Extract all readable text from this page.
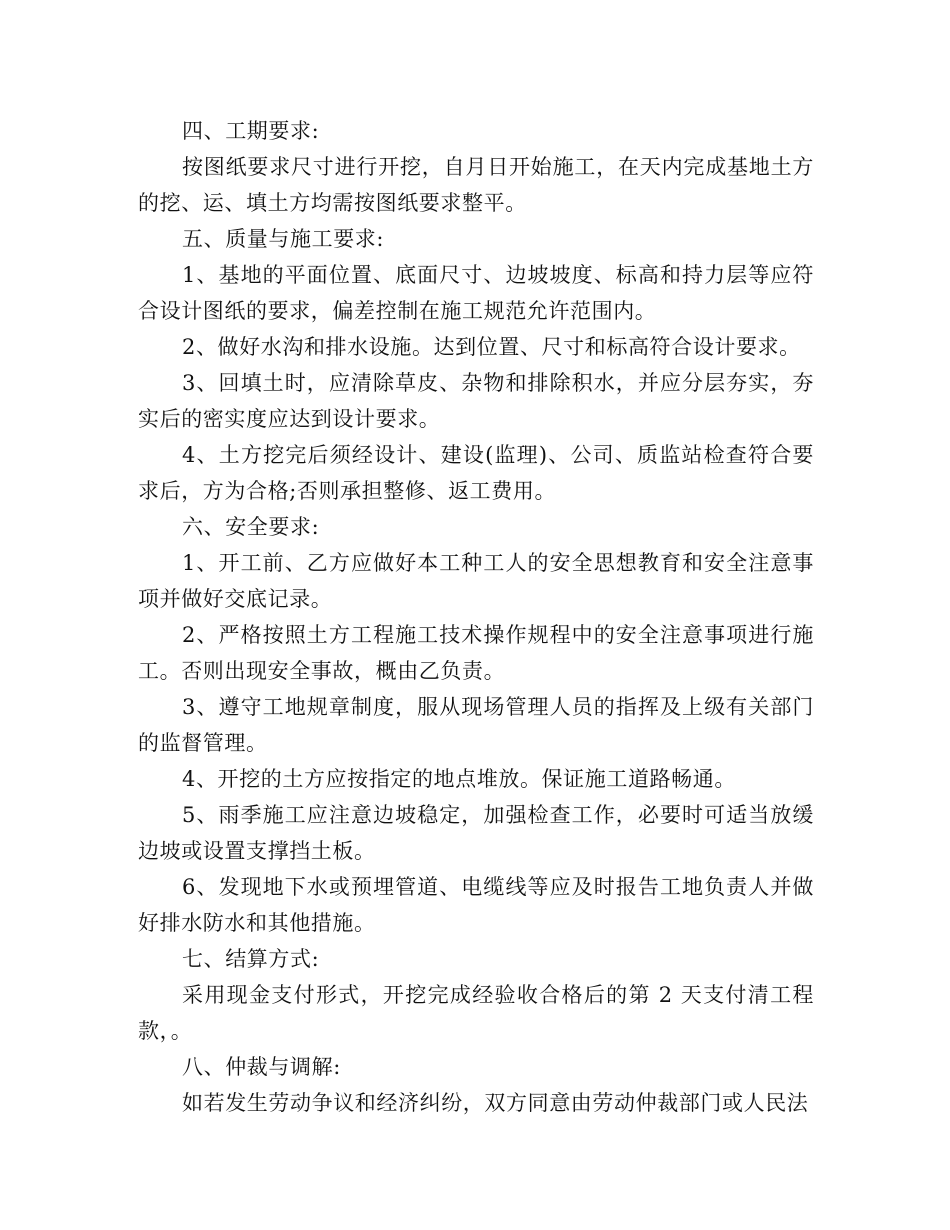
四、工期要求:

按图纸要求尺寸进行开挖，自月日开始施工，在天内完成基地土方的挖、运、填土方均需按图纸要求整平。

五、质量与施工要求:

1、基地的平面位置、底面尺寸、边坡坡度、标高和持力层等应符合设计图纸的要求，偏差控制在施工规范允许范围内。

2、做好水沟和排水设施。达到位置、尺寸和标高符合设计要求。

3、回填土时，应清除草皮、杂物和排除积水，并应分层夯实，夯实后的密实度应达到设计要求。

4、土方挖完后须经设计、建设(监理)、公司、质监站检查符合要求后，方为合格;否则承担整修、返工费用。

六、安全要求:

1、开工前、乙方应做好本工种工人的安全思想教育和安全注意事项并做好交底记录。

2、严格按照土方工程施工技术操作规程中的安全注意事项进行施工。否则出现安全事故，概由乙负责。

3、遵守工地规章制度，服从现场管理人员的指挥及上级有关部门的监督管理。

4、开挖的土方应按指定的地点堆放。保证施工道路畅通。

5、雨季施工应注意边坡稳定，加强检查工作，必要时可适当放缓边坡或设置支撑挡土板。

6、发现地下水或预埋管道、电缆线等应及时报告工地负责人并做好排水防水和其他措施。

七、结算方式:

采用现金支付形式，开挖完成经验收合格后的第 2 天支付清工程款，。

八、仲裁与调解:

如若发生劳动争议和经济纠纷，双方同意由劳动仲裁部门或人民法
